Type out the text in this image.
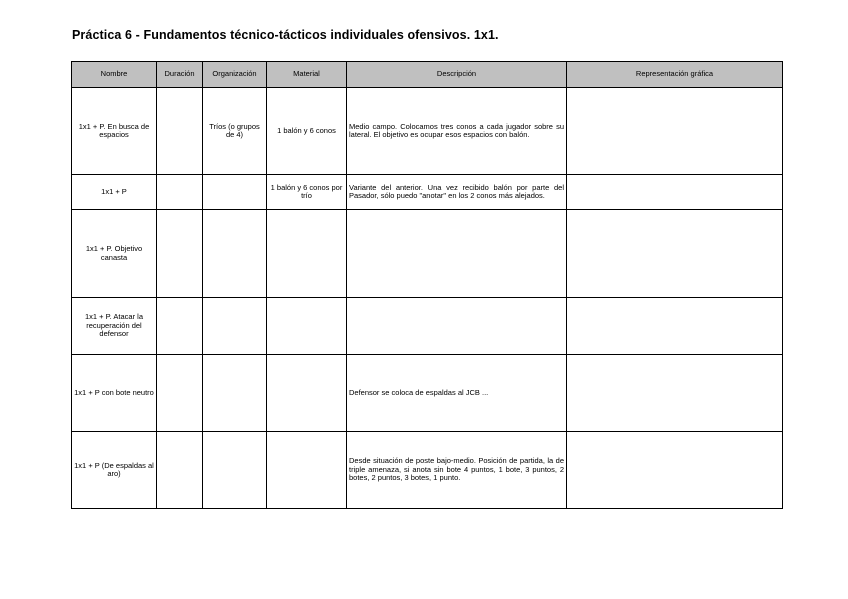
Práctica 6 - Fundamentos técnico-tácticos individuales ofensivos. 1x1.
Nombre	Duración	Organización	Material	Descripción	Representación gráfica
1x1 + P. En busca de espacios		Tríos (o grupos de 4)	1 balón y 6 conos	Medio campo. Colocamos tres conos a cada jugador sobre su lateral. El objetivo es ocupar esos espacios con balón.	
1x1 + P			1 balón y 6 conos por trío	Variante del anterior. Una vez recibido balón por parte del Pasador, sólo puedo "anotar" en los 2 conos más alejados.	
1x1 + P. Objetivo canasta					
1x1 + P. Atacar la recuperación del defensor					
1x1 + P con bote neutro				Defensor se coloca de espaldas al JCB ...	
1x1 + P (De espaldas al aro)				Desde situación de poste bajo-medio. Posición de partida, la de triple amenaza, si anota sin bote 4 puntos, 1 bote, 3 puntos, 2 botes, 2 puntos, 3 botes, 1 punto.	
